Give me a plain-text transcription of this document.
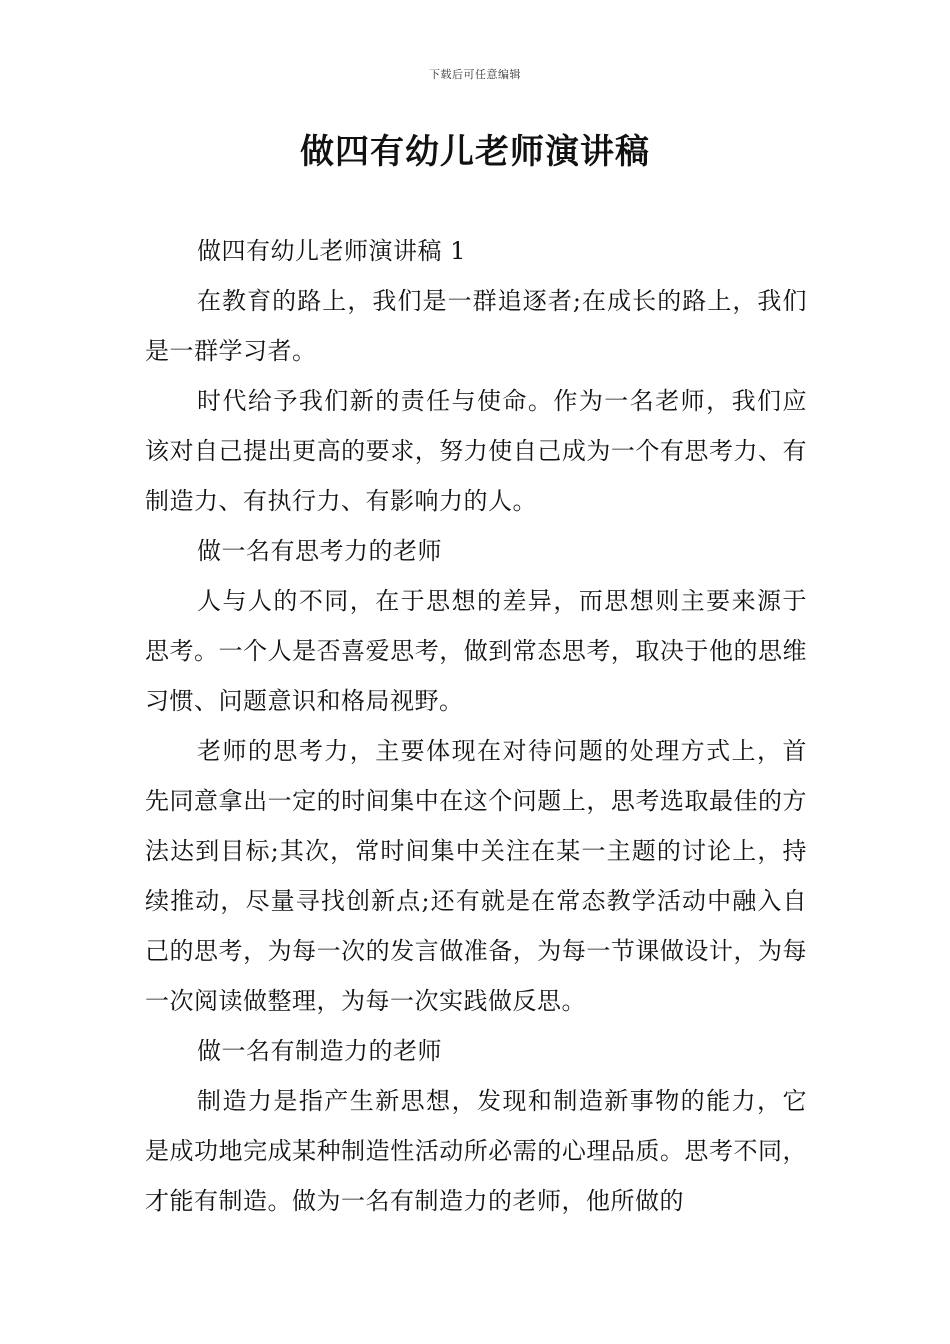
下载后可任意编辑
做四有幼儿老师演讲稿

做四有幼儿老师演讲稿 1

在教育的路上，我们是一群追逐者;在成长的路上，我们是一群学习者。

时代给予我们新的责任与使命。作为一名老师，我们应该对自己提出更高的要求，努力使自己成为一个有思考力、有制造力、有执行力、有影响力的人。

做一名有思考力的老师

人与人的不同，在于思想的差异，而思想则主要来源于思考。一个人是否喜爱思考，做到常态思考，取决于他的思维习惯、问题意识和格局视野。

老师的思考力，主要体现在对待问题的处理方式上，首先同意拿出一定的时间集中在这个问题上，思考选取最佳的方法达到目标;其次，常时间集中关注在某一主题的讨论上，持续推动，尽量寻找创新点;还有就是在常态教学活动中融入自己的思考，为每一次的发言做准备，为每一节课做设计，为每一次阅读做整理，为每一次实践做反思。

做一名有制造力的老师

制造力是指产生新思想，发现和制造新事物的能力，它是成功地完成某种制造性活动所必需的心理品质。思考不同，才能有制造。做为一名有制造力的老师，他所做的
